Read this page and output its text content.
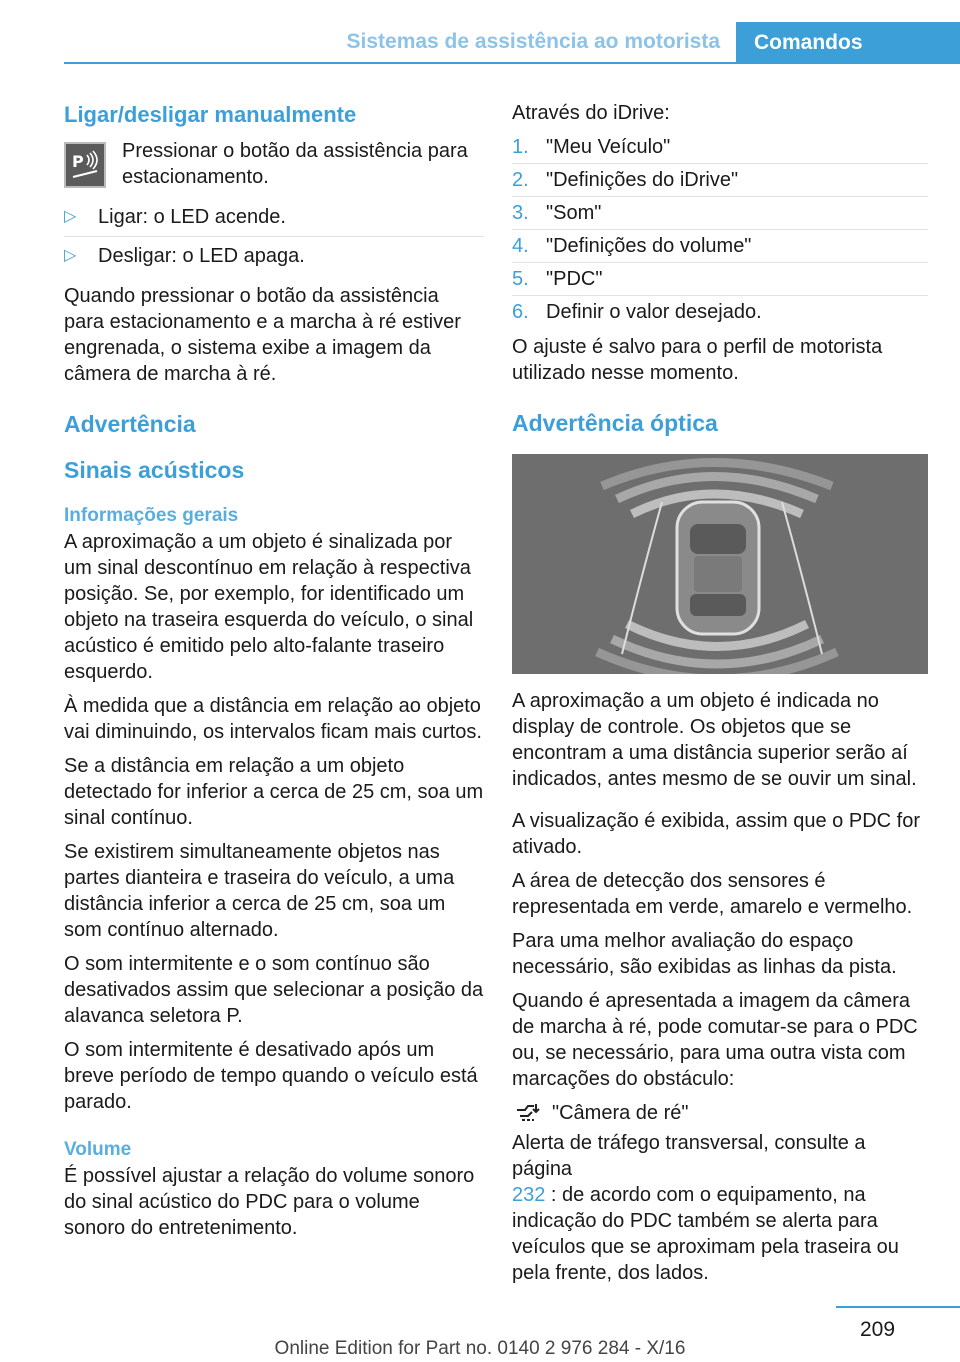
Sistemas de assistência ao motorista Comandos
Ligar/desligar manualmente
P Pressionar o botão da assistência para estacionamento.
▷ Ligar: o LED acende.
▷ Desligar: o LED apaga.

Quando pressionar o botão da assistência para estacionamento e a marcha à ré estiver engrenada, o sistema exibe a imagem da câmera de marcha à ré.

Advertência
Sinais acústicos
Informações gerais

A aproximação a um objeto é sinalizada por um sinal descontínuo em relação à respectiva posição. Se, por exemplo, for identificado um objeto na traseira esquerda do veículo, o sinal acústico é emitido pelo alto-falante traseiro esquerdo.

À medida que a distância em relação ao objeto vai diminuindo, os intervalos ficam mais curtos.

Se a distância em relação a um objeto detectado for inferior a cerca de 25 cm, soa um sinal contínuo.

Se existirem simultaneamente objetos nas partes dianteira e traseira do veículo, a uma distância inferior a cerca de 25 cm, soa um som contínuo alternado.

O som intermitente e o som contínuo são desativados assim que selecionar a posição da alavanca seletora P.

O som intermitente é desativado após um breve período de tempo quando o veículo está parado.

Volume

É possível ajustar a relação do volume sonoro do sinal acústico do PDC para o volume sonoro do entretenimento.

Através do iDrive:

1. "Meu Veículo"
2. "Definições do iDrive"
3. "Som"
4. "Definições do volume"
5. "PDC"
6. Definir o valor desejado.

O ajuste é salvo para o perfil de motorista utilizado nesse momento.

Advertência óptica

A aproximação a um objeto é indicada no display de controle. Os objetos que se encontram a uma distância superior serão aí indicados, antes mesmo de se ouvir um sinal.

A visualização é exibida, assim que o PDC for ativado.

A área de detecção dos sensores é representada em verde, amarelo e vermelho.

Para uma melhor avaliação do espaço necessário, são exibidas as linhas da pista.

Quando é apresentada a imagem da câmera de marcha à ré, pode comutar-se para o PDC ou, se necessário, para uma outra vista com marcações do obstáculo:

"Câmera de ré"

Alerta de tráfego transversal, consulte a página
232 : de acordo com o equipamento, na indicação do PDC também se alerta para veículos que se aproximam pela traseira ou pela frente, dos lados.

209
Online Edition for Part no. 0140 2 976 284 - X/16
